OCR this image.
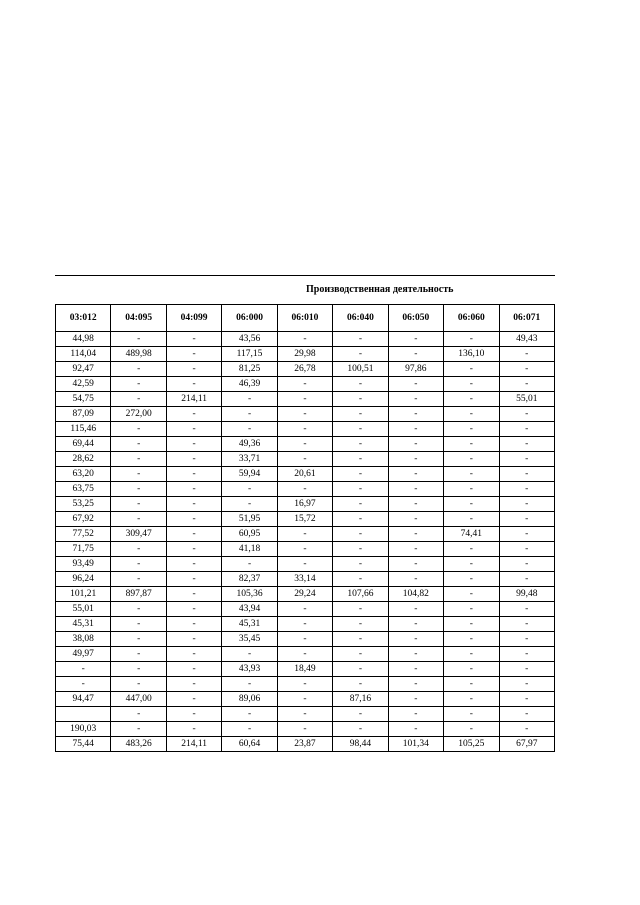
Производственная деятельность
03:012	04:095	04:099	06:000	06:010	06:040	06:050	06:060	06:071
44,98	-	-	43,56	-	-	-	-	49,43
114,04	489,98	-	117,15	29,98	-	-	136,10	-
92,47	-	-	81,25	26,78	100,51	97,86	-	-
42,59	-	-	46,39	-	-	-	-	-
54,75	-	214,11	-	-	-	-	-	55,01
87,09	272,00	-	-	-	-	-	-	-
115,46	-	-	-	-	-	-	-	-
69,44	-	-	49,36	-	-	-	-	-
28,62	-	-	33,71	-	-	-	-	-
63,20	-	-	59,94	20,61	-	-	-	-
63,75	-	-	-	-	-	-	-	-
53,25	-	-	-	16,97	-	-	-	-
67,92	-	-	51,95	15,72	-	-	-	-
77,52	309,47	-	60,95	-	-	-	74,41	-
71,75	-	-	41,18	-	-	-	-	-
93,49	-	-	-	-	-	-	-	-
96,24	-	-	82,37	33,14	-	-	-	-
101,21	897,87	-	105,36	29,24	107,66	104,82	-	99,48
55,01	-	-	43,94	-	-	-	-	-
45,31	-	-	45,31	-	-	-	-	-
38,08	-	-	35,45	-	-	-	-	-
49,97	-	-	-	-	-	-	-	-
-	-	-	43,93	18,49	-	-	-	-
-	-	-	-	-	-	-	-	-
94,47	447,00	-	89,06	-	87,16	-	-	-
	-	-	-	-	-	-	-	-
190,03	-	-	-	-	-	-	-	-
75,44	483,26	214,11	60,64	23,87	98,44	101,34	105,25	67,97
